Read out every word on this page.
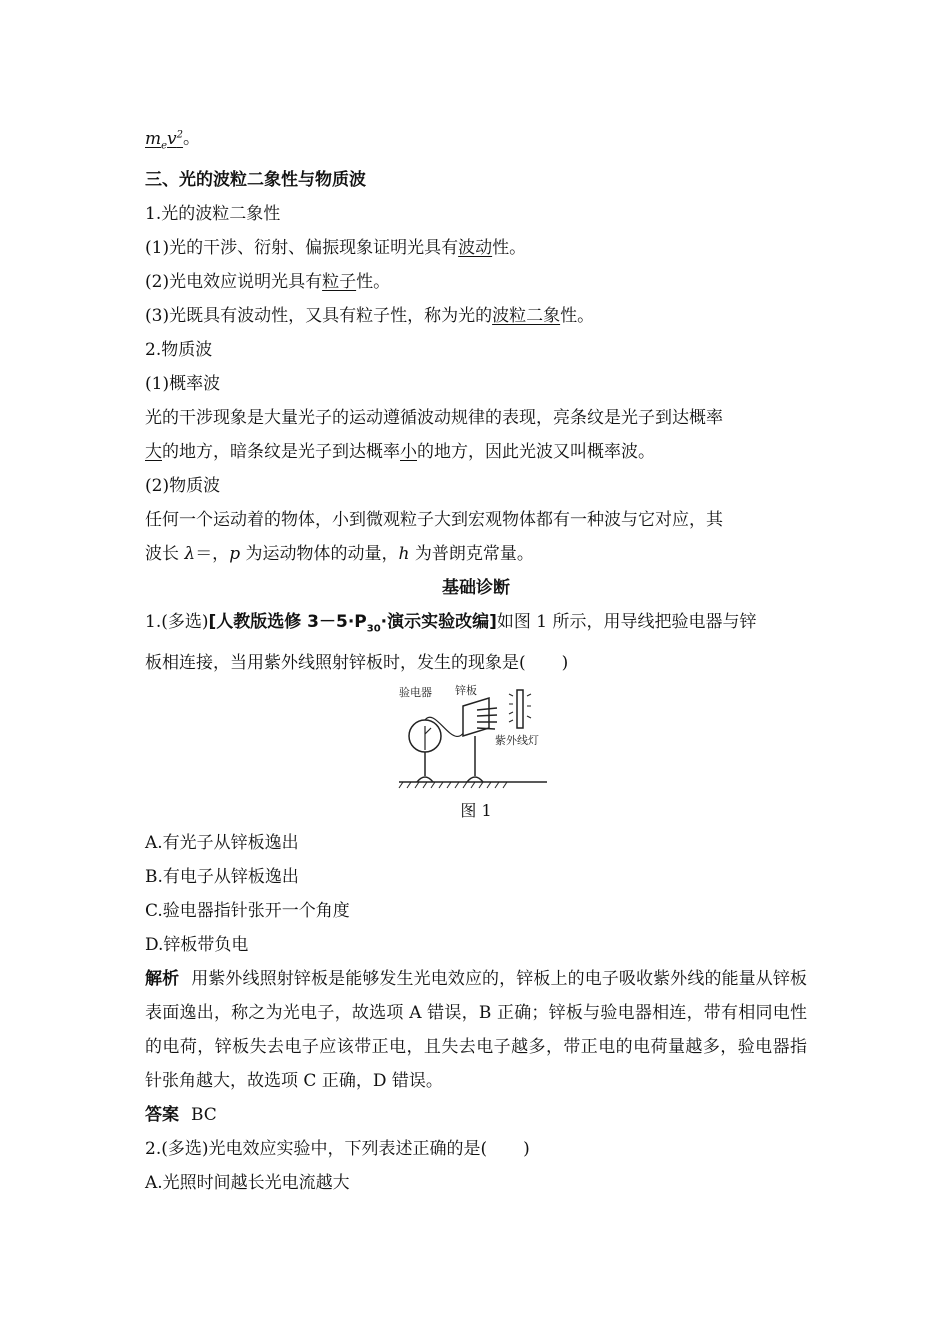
$m_ev^2$。
三、光的波粒二象性与物质波
1.光的波粒二象性
(1)光的干涉、衍射、偏振现象证明光具有波动性。
(2)光电效应说明光具有粒子性。
(3)光既具有波动性，又具有粒子性，称为光的波粒二象性。
2.物质波
(1)概率波
光的干涉现象是大量光子的运动遵循波动规律的表现，亮条纹是光子到达概率
大的地方，暗条纹是光子到达概率小的地方，因此光波又叫概率波。
(2)物质波
任何一个运动着的物体，小到微观粒子大到宏观物体都有一种波与它对应，其
波长 λ＝，p 为运动物体的动量，h 为普朗克常量。
基础诊断
1.(多选)[人教版选修 $3-5\cdot P_{30}\cdot$演示实验改编]如图 1 所示，用导线把验电器与锌
板相连接，当用紫外线照射锌板时，发生的现象是( )
验电器 锌板
紫外线灯
图 1
A.有光子从锌板逸出
B.有电子从锌板逸出
C.验电器指针张开一个角度
D.锌板带负电
解析 用紫外线照射锌板是能够发生光电效应的，锌板上的电子吸收紫外线的能量从锌板表面逸出，称之为光电子，故选项 A 错误，B 正确；锌板与验电器相连，带有相同电性的电荷，锌板失去电子应该带正电，且失去电子越多，带正电的电荷量越多，验电器指针张角越大，故选项 C 正确，D 错误。
答案 BC
2.(多选)光电效应实验中，下列表述正确的是( )
A.光照时间越长光电流越大
